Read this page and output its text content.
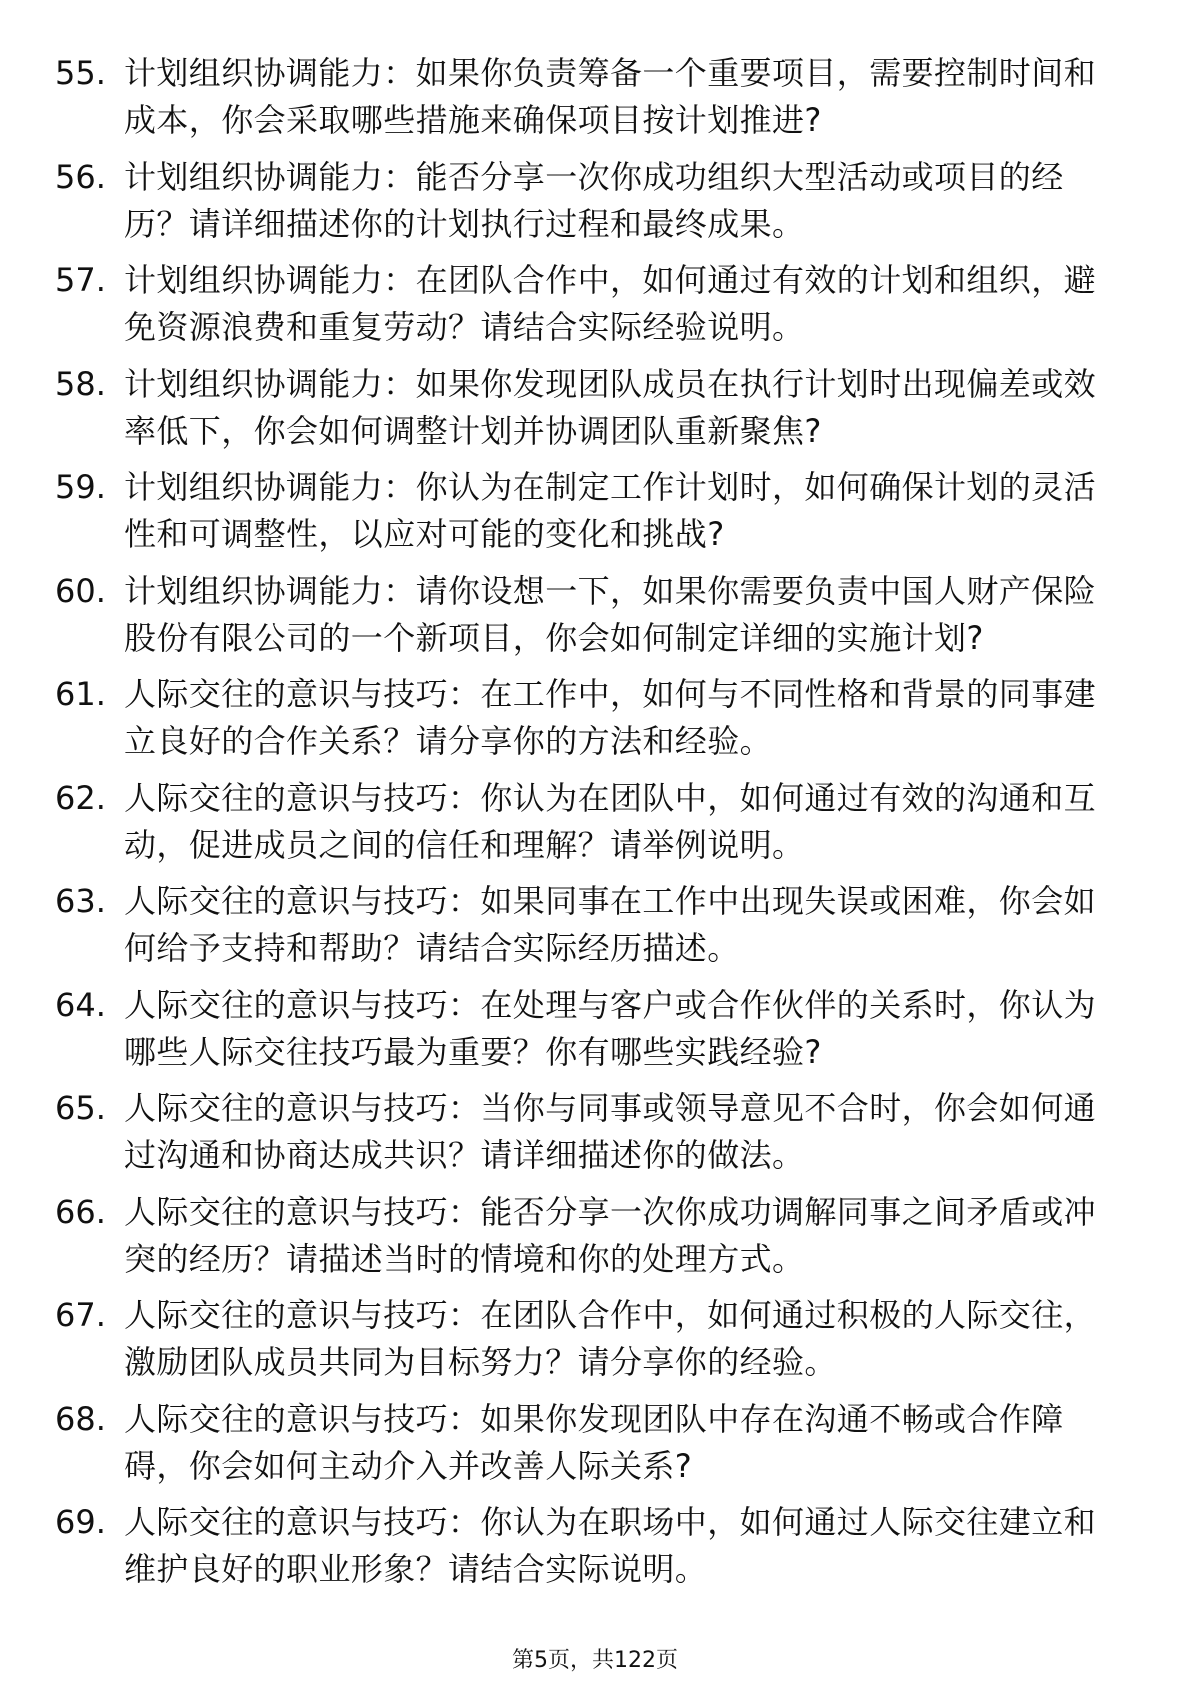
55. 计划组织协调能力：如果你负责筹备一个重要项目，需要控制时间和成本，你会采取哪些措施来确保项目按计划推进?
56. 计划组织协调能力：能否分享一次你成功组织大型活动或项目的经历？请详细描述你的计划执行过程和最终成果。
57. 计划组织协调能力：在团队合作中，如何通过有效的计划和组织，避免资源浪费和重复劳动？请结合实际经验说明。
58. 计划组织协调能力：如果你发现团队成员在执行计划时出现偏差或效率低下，你会如何调整计划并协调团队重新聚焦?
59. 计划组织协调能力：你认为在制定工作计划时，如何确保计划的灵活性和可调整性，以应对可能的变化和挑战?
60. 计划组织协调能力：请你设想一下，如果你需要负责中国人财产保险股份有限公司的一个新项目，你会如何制定详细的实施计划?
61. 人际交往的意识与技巧：在工作中，如何与不同性格和背景的同事建立良好的合作关系？请分享你的方法和经验。
62. 人际交往的意识与技巧：你认为在团队中，如何通过有效的沟通和互动，促进成员之间的信任和理解？请举例说明。
63. 人际交往的意识与技巧：如果同事在工作中出现失误或困难，你会如何给予支持和帮助？请结合实际经历描述。
64. 人际交往的意识与技巧：在处理与客户或合作伙伴的关系时，你认为哪些人际交往技巧最为重要？你有哪些实践经验?
65. 人际交往的意识与技巧：当你与同事或领导意见不合时，你会如何通过沟通和协商达成共识？请详细描述你的做法。
66. 人际交往的意识与技巧：能否分享一次你成功调解同事之间矛盾或冲突的经历？请描述当时的情境和你的处理方式。
67. 人际交往的意识与技巧：在团队合作中，如何通过积极的人际交往，激励团队成员共同为目标努力？请分享你的经验。
68. 人际交往的意识与技巧：如果你发现团队中存在沟通不畅或合作障碍，你会如何主动介入并改善人际关系?
69. 人际交往的意识与技巧：你认为在职场中，如何通过人际交往建立和维护良好的职业形象？请结合实际说明。
第5页，共122页
